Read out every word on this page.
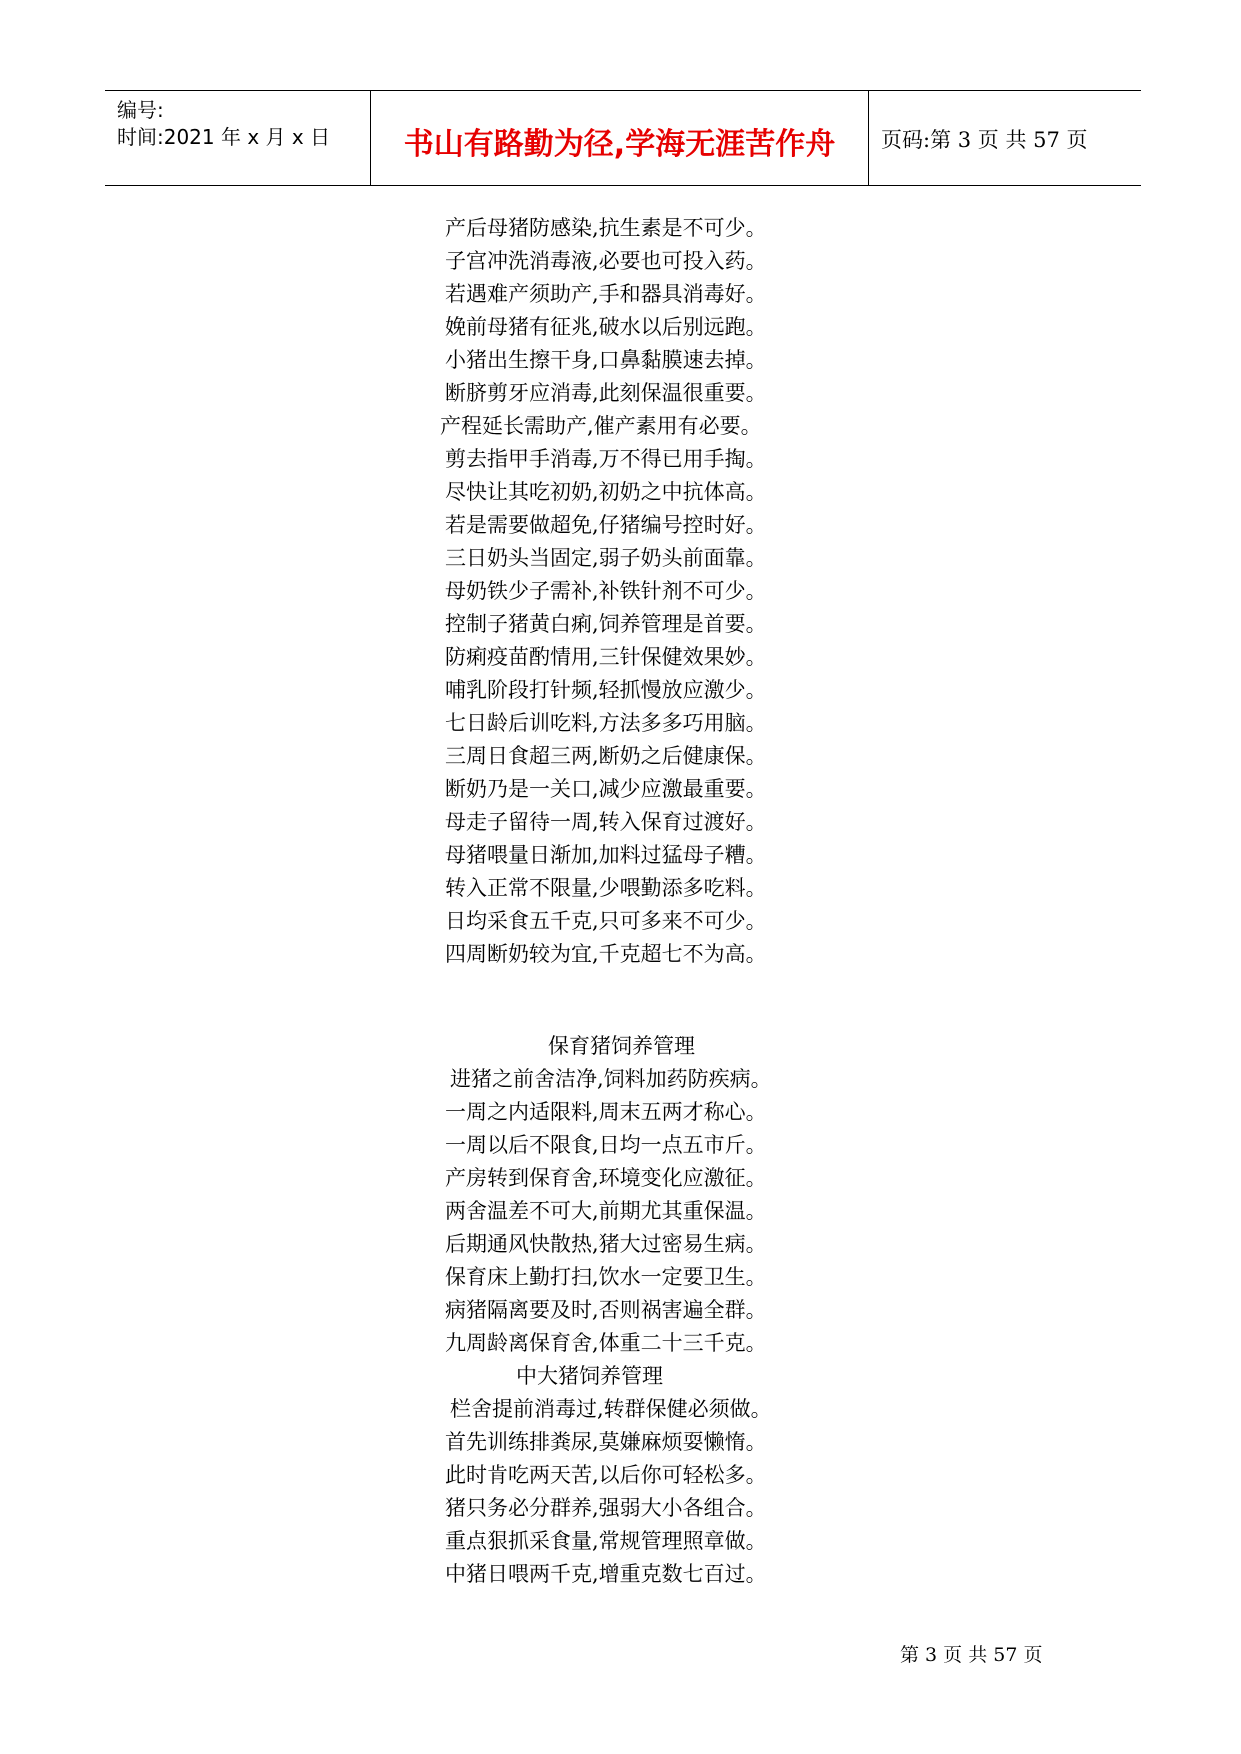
编号:
时间:2021 年 x 月 x 日	书山有路勤为径,学海无涯苦作舟	页码:第 3 页 共 57 页
产后母猪防感染,抗生素是不可少。
子宫冲洗消毒液,必要也可投入药。
若遇难产须助产,手和器具消毒好。
娩前母猪有征兆,破水以后别远跑。
小猪出生擦干身,口鼻黏膜速去掉。
断脐剪牙应消毒,此刻保温很重要。
产程延长需助产,催产素用有必要。
剪去指甲手消毒,万不得已用手掏。
尽快让其吃初奶,初奶之中抗体高。
若是需要做超免,仔猪编号控时好。
三日奶头当固定,弱子奶头前面靠。
母奶铁少子需补,补铁针剂不可少。
控制子猪黄白痢,饲养管理是首要。
防痢疫苗酌情用,三针保健效果妙。
哺乳阶段打针频,轻抓慢放应激少。
七日龄后训吃料,方法多多巧用脑。
三周日食超三两,断奶之后健康保。
断奶乃是一关口,减少应激最重要。
母走子留待一周,转入保育过渡好。
母猪喂量日渐加,加料过猛母子糟。
转入正常不限量,少喂勤添多吃料。
日均采食五千克,只可多来不可少。
四周断奶较为宜,千克超七不为高。
保育猪饲养管理
进猪之前舍洁净,饲料加药防疾病。
一周之内适限料,周末五两才称心。
一周以后不限食,日均一点五市斤。
产房转到保育舍,环境变化应激征。
两舍温差不可大,前期尤其重保温。
后期通风快散热,猪大过密易生病。
保育床上勤打扫,饮水一定要卫生。
病猪隔离要及时,否则祸害遍全群。
九周龄离保育舍,体重二十三千克。
中大猪饲养管理
栏舍提前消毒过,转群保健必须做。
首先训练排粪尿,莫嫌麻烦耍懒惰。
此时肯吃两天苦,以后你可轻松多。
猪只务必分群养,强弱大小各组合。
重点狠抓采食量,常规管理照章做。
中猪日喂两千克,增重克数七百过。
第 3 页 共 57 页
